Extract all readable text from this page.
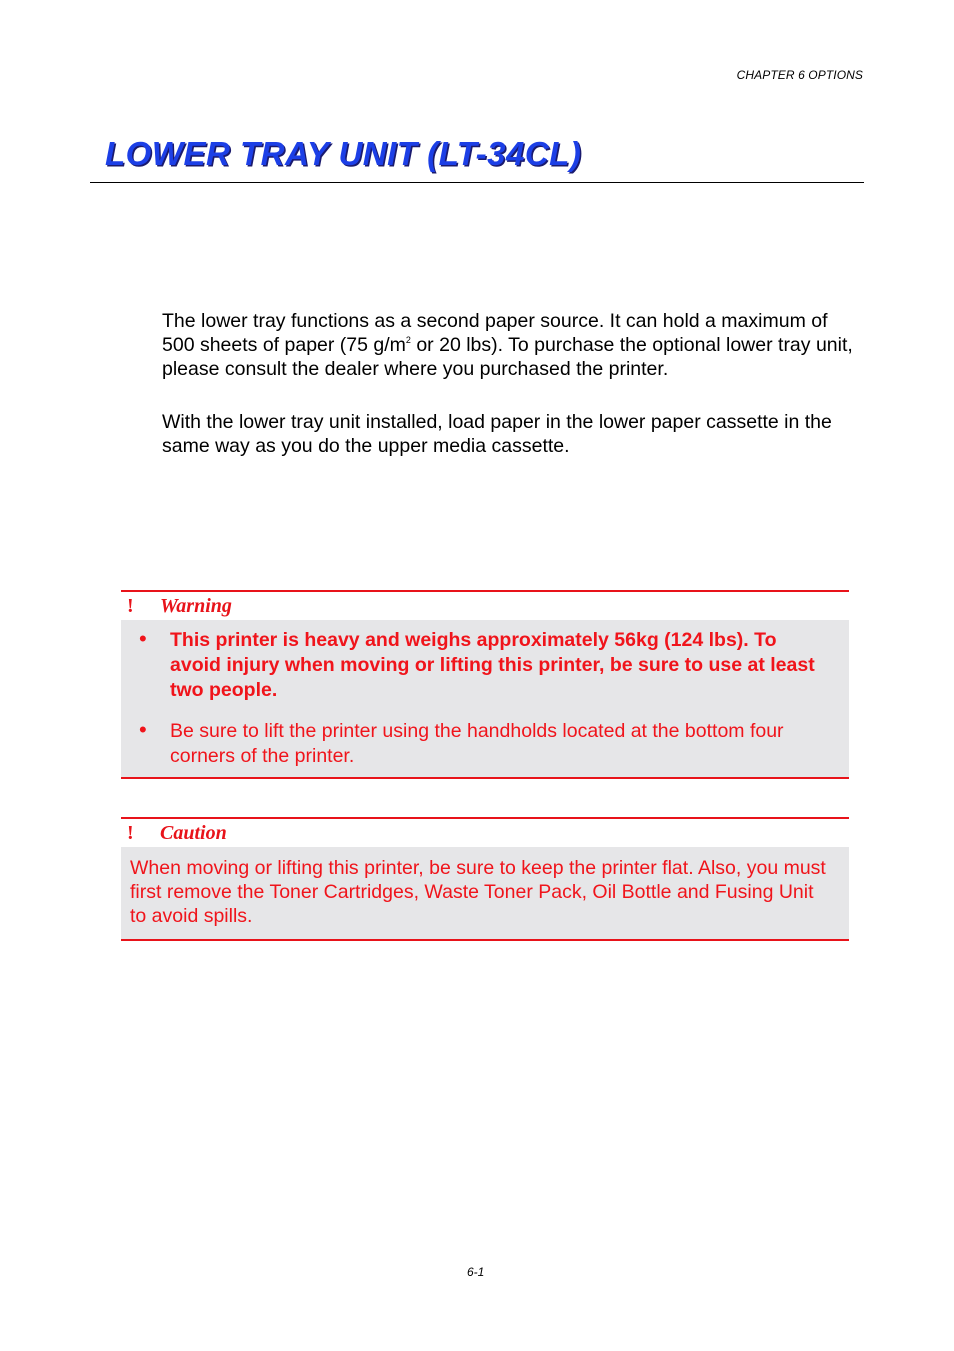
CHAPTER 6 OPTIONS
LOWER TRAY UNIT (LT-34CL)

The lower tray functions as a second paper source. It can hold a maximum of 500 sheets of paper (75 $g/m^2$ or 20 lbs). To purchase the optional lower tray unit, please consult the dealer where you purchased the printer.

With the lower tray unit installed, load paper in the lower paper cassette in the same way as you do the upper media cassette.

!	Warning
•	This printer is heavy and weighs approximately 56kg (124 lbs). To avoid injury when moving or lifting this printer, be sure to use at least two people.
•	Be sure to lift the printer using the handholds located at the bottom four corners of the printer.
!	Caution
When moving or lifting this printer, be sure to keep the printer flat. Also, you must first remove the Toner Cartridges, Waste Toner Pack, Oil Bottle and Fusing Unit to avoid spills.
6-1
